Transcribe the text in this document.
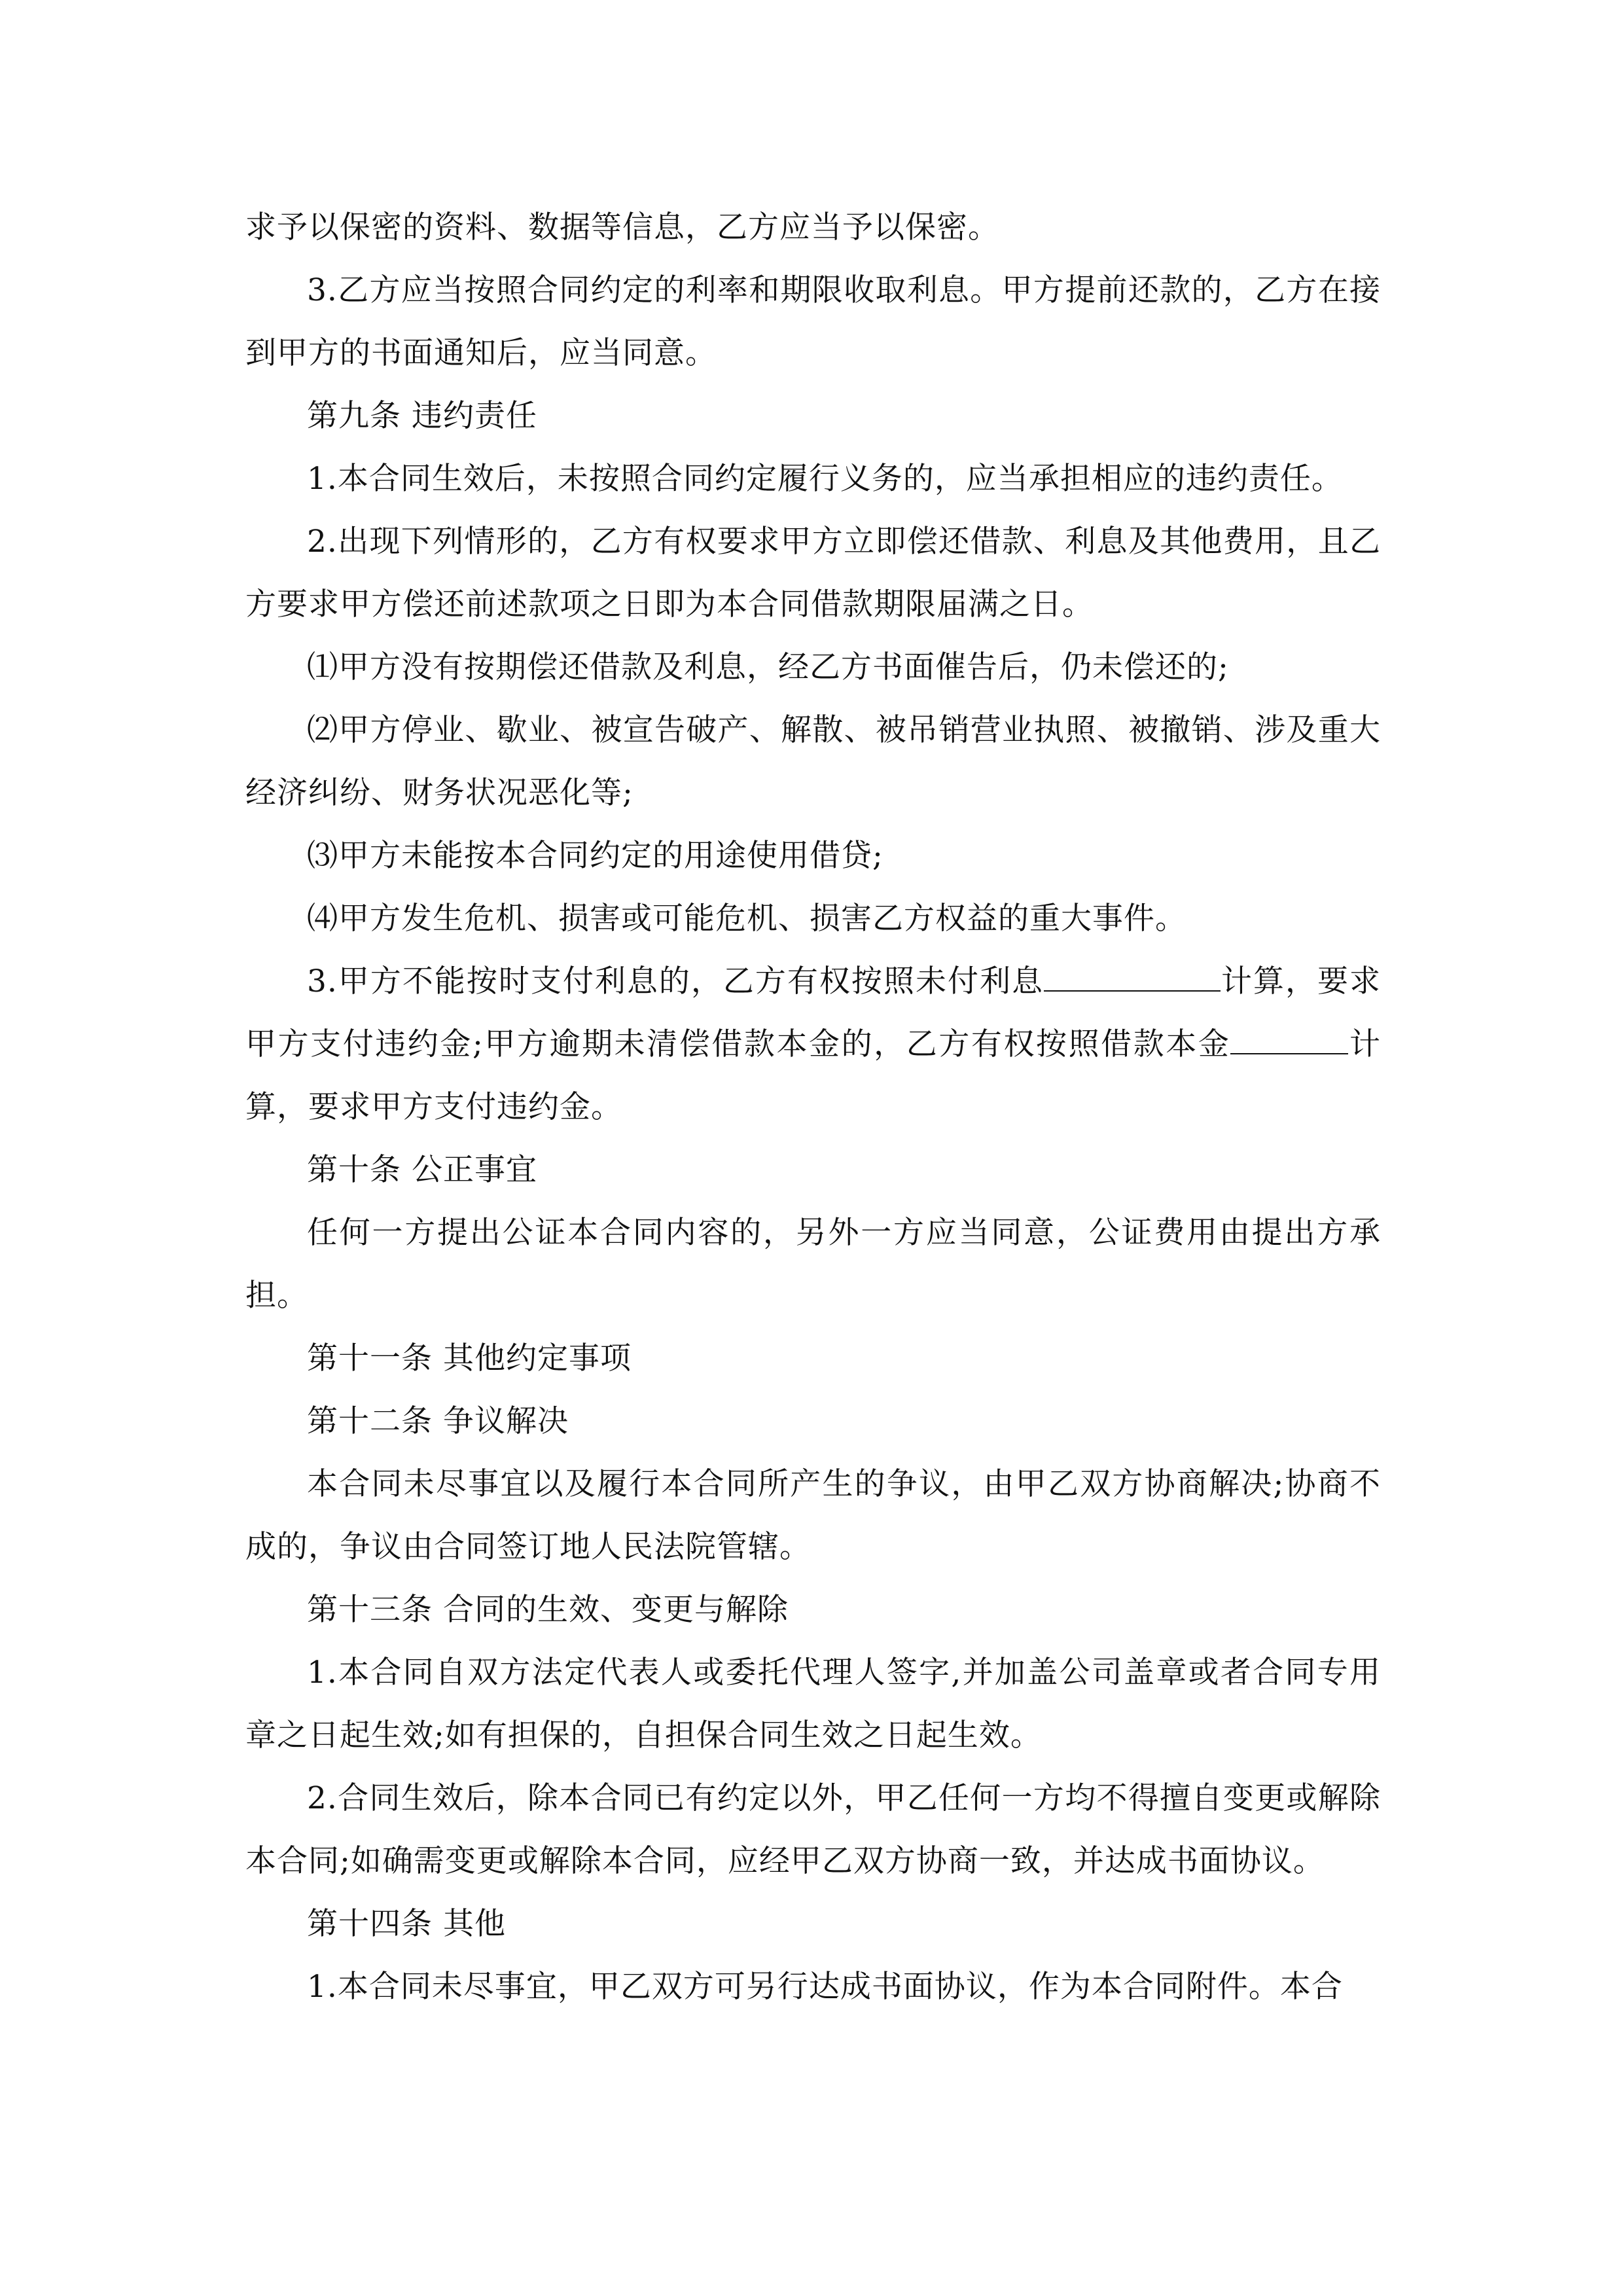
求予以保密的资料、数据等信息，乙方应当予以保密。

3.乙方应当按照合同约定的利率和期限收取利息。甲方提前还款的，乙方在接到甲方的书面通知后，应当同意。

第九条 违约责任

1.本合同生效后，未按照合同约定履行义务的，应当承担相应的违约责任。

2.出现下列情形的，乙方有权要求甲方立即偿还借款、利息及其他费用，且乙方要求甲方偿还前述款项之日即为本合同借款期限届满之日。

⑴甲方没有按期偿还借款及利息，经乙方书面催告后，仍未偿还的;

⑵甲方停业、歇业、被宣告破产、解散、被吊销营业执照、被撤销、涉及重大经济纠纷、财务状况恶化等;

⑶甲方未能按本合同约定的用途使用借贷;

⑷甲方发生危机、损害或可能危机、损害乙方权益的重大事件。

3.甲方不能按时支付利息的，乙方有权按照未付利息	计算，要求甲方支付违约金;甲方逾期未清偿借款本金的，乙方有权按照借款本金	计算，要求甲方支付违约金。

第十条 公正事宜

任何一方提出公证本合同内容的，另外一方应当同意，公证费用由提出方承担。

第十一条 其他约定事项

第十二条 争议解决

本合同未尽事宜以及履行本合同所产生的争议，由甲乙双方协商解决;协商不成的，争议由合同签订地人民法院管辖。

第十三条 合同的生效、变更与解除

1.本合同自双方法定代表人或委托代理人签字,并加盖公司盖章或者合同专用章之日起生效;如有担保的，自担保合同生效之日起生效。

2.合同生效后，除本合同已有约定以外，甲乙任何一方均不得擅自变更或解除本合同;如确需变更或解除本合同，应经甲乙双方协商一致，并达成书面协议。

第十四条 其他

1.本合同未尽事宜，甲乙双方可另行达成书面协议，作为本合同附件。本合
